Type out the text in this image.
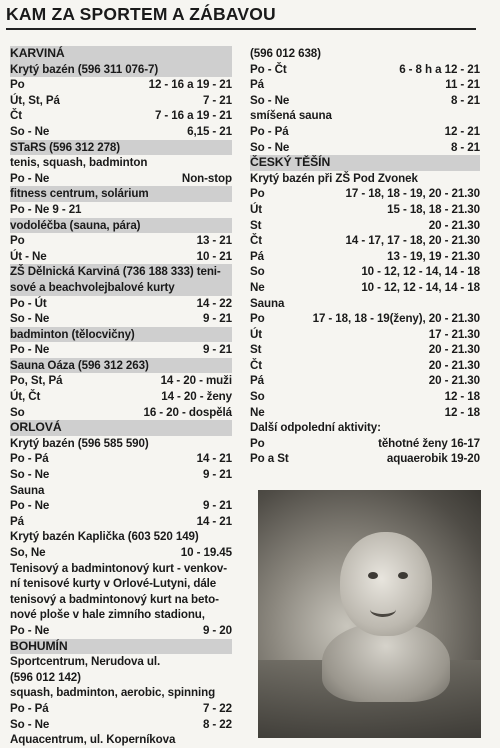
KAM ZA SPORTEM A ZÁBAVOU
KARVINÁ
Krytý bazén (596 311 076-7)
Po	12 - 16 a 19 - 21
Út, St, Pá	7 - 21
Čt	7 - 16 a 19 - 21
So - Ne	6,15 - 21
STaRS (596 312 278)
tenis, squash, badminton
Po - Ne	Non-stop
fitness centrum, solárium
Po - Ne 9 - 21
vodoléčba (sauna, pára)
Po	13 - 21
Út - Ne	10 - 21
ZŠ Dělnická Karviná (736 188 333) teni-
sové a beachvolejbalové kurty
Po - Út	14 - 22
So - Ne	9 - 21
badminton (tělocvičny)
Po - Ne	9 - 21
Sauna Oáza (596 312 263)
Po, St, Pá	14 - 20 - muži
Út, Čt	14 - 20 - ženy
So	16 - 20 - dospělá
ORLOVÁ
Krytý bazén (596 585 590)
Po - Pá	14 - 21
So - Ne	9 - 21
Sauna
Po - Ne	9 - 21
Pá	14 - 21
Krytý bazén Kaplička (603 520 149)
So, Ne	10 - 19.45
Tenisový a badmintonový kurt - venkov-
ní tenisové kurty v Orlové-Lutyni, dále
tenisový a badmintonový kurt na beto-
nové ploše v hale zimního stadionu,
Po - Ne	9 - 20
BOHUMÍN
Sportcentrum, Nerudova ul.
(596 012 142)
squash, badminton, aerobic, spinning
Po - Pá	7 - 22
So - Ne	8 - 22
Aquacentrum, ul. Koperníkova
(596 012 638)
Po - Čt	6 - 8 h a 12 - 21
Pá	11 - 21
So - Ne	8 - 21
smíšená sauna
Po - Pá	12 - 21
So - Ne	8 - 21
ČESKÝ TĚŠÍN
Krytý bazén při ZŠ Pod Zvonek
Po	17 - 18, 18 - 19, 20 - 21.30
Út	15 - 18, 18 - 21.30
St	20 - 21.30
Čt	14 - 17, 17 - 18, 20 - 21.30
Pá	13 - 19, 19 - 21.30
So	10 - 12, 12 - 14, 14 - 18
Ne	10 - 12, 12 - 14, 14 - 18
Sauna
Po	17 - 18, 18 - 19(ženy), 20 - 21.30
Út	17 - 21.30
St	20 - 21.30
Čt	20 - 21.30
Pá	20 - 21.30
So	12 - 18
Ne	12 - 18
Další odpolední aktivity:
Po	těhotné ženy 16-17
Po a St	aquaerobik 19-20
